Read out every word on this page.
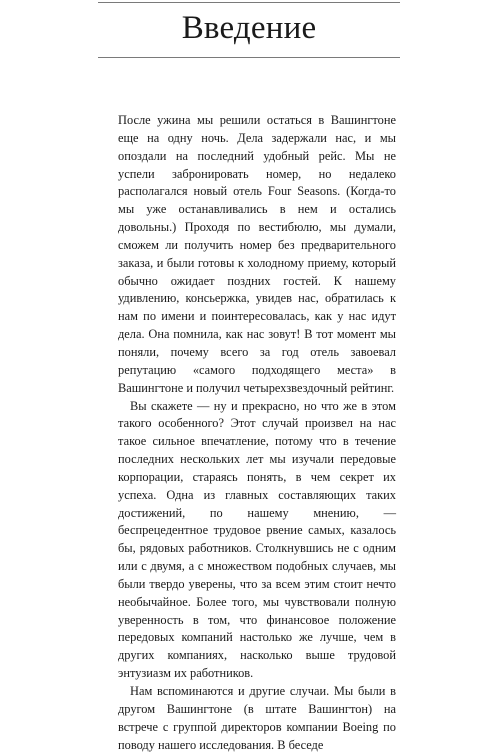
Введение

После ужина мы решили остаться в Вашингтоне еще на одну ночь. Дела задержали нас, и мы опоздали на последний удобный рейс. Мы не успели забронировать номер, но недалеко располагался новый отель Four Seasons. (Когда-то мы уже останавливались в нем и остались довольны.) Проходя по вестибюлю, мы думали, сможем ли получить номер без предварительного заказа, и были готовы к холодному приему, который обычно ожидает поздних гостей. К нашему удивлению, консьержка, увидев нас, обратилась к нам по имени и поинтересовалась, как у нас идут дела. Она помнила, как нас зовут! В тот момент мы поняли, почему всего за год отель завоевал репутацию «самого подходящего места» в Вашингтоне и получил четырехзвездочный рейтинг.

Вы скажете — ну и прекрасно, но что же в этом такого особенного? Этот случай произвел на нас такое сильное впечатление, потому что в течение последних нескольких лет мы изучали передовые корпорации, стараясь понять, в чем секрет их успеха. Одна из главных составляющих таких достижений, по нашему мнению, — беспрецедентное трудовое рвение самых, казалось бы, рядовых работников. Столкнувшись не с одним или с двумя, а с множеством подобных случаев, мы были твердо уверены, что за всем этим стоит нечто необычайное. Более того, мы чувствовали полную уверенность в том, что финансовое положение передовых компаний настолько же лучше, чем в других компаниях, насколько выше трудовой энтузиазм их работников.

Нам вспоминаются и другие случаи. Мы были в другом Вашингтоне (в штате Вашингтон) на встрече с группой директоров компании Boeing по поводу нашего исследования. В беседе
